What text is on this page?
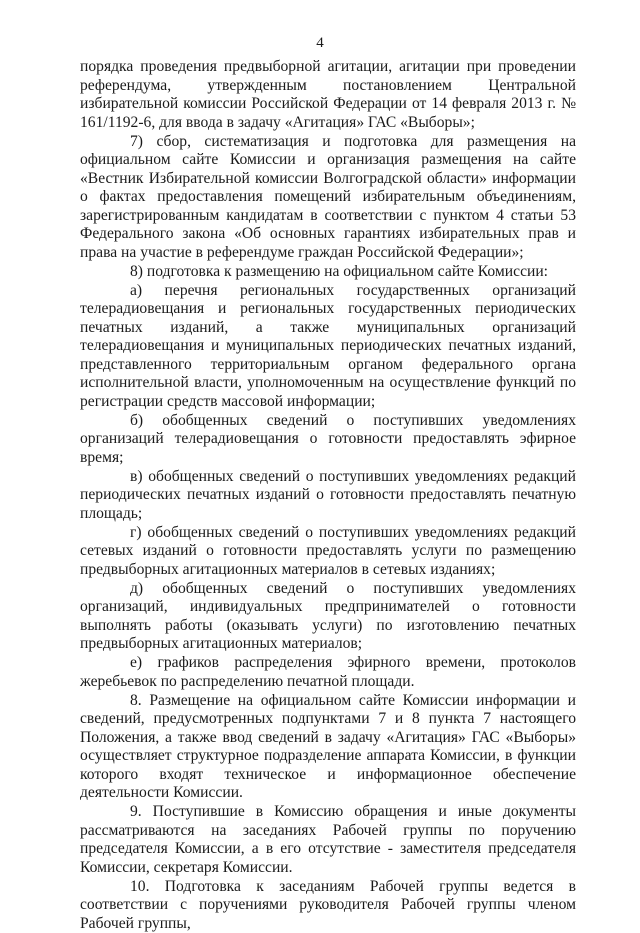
4

порядка проведения предвыборной агитации, агитации при проведении референдума, утвержденным постановлением Центральной избирательной комиссии Российской Федерации от 14 февраля 2013 г. № 161/1192-6, для ввода в задачу «Агитация» ГАС «Выборы»;

7) сбор, систематизация и подготовка для размещения на официальном сайте Комиссии и организация размещения на сайте «Вестник Избирательной комиссии Волгоградской области» информации о фактах предоставления помещений избирательным объединениям, зарегистрированным кандидатам в соответствии с пунктом 4 статьи 53 Федерального закона «Об основных гарантиях избирательных прав и права на участие в референдуме граждан Российской Федерации»;

8) подготовка к размещению на официальном сайте Комиссии:

а) перечня региональных государственных организаций телерадиовещания и региональных государственных периодических печатных изданий, а также муниципальных организаций телерадиовещания и муниципальных периодических печатных изданий, представленного территориальным органом федерального органа исполнительной власти, уполномоченным на осуществление функций по регистрации средств массовой информации;

б) обобщенных сведений о поступивших уведомлениях организаций телерадиовещания о готовности предоставлять эфирное время;

в) обобщенных сведений о поступивших уведомлениях редакций периодических печатных изданий о готовности предоставлять печатную площадь;

г) обобщенных сведений о поступивших уведомлениях редакций сетевых изданий о готовности предоставлять услуги по размещению предвыборных агитационных материалов в сетевых изданиях;

д) обобщенных сведений о поступивших уведомлениях организаций, индивидуальных предпринимателей о готовности выполнять работы (оказывать услуги) по изготовлению печатных предвыборных агитационных материалов;

е) графиков распределения эфирного времени, протоколов жеребьевок по распределению печатной площади.

8. Размещение на официальном сайте Комиссии информации и сведений, предусмотренных подпунктами 7 и 8 пункта 7 настоящего Положения, а также ввод сведений в задачу «Агитация» ГАС «Выборы» осуществляет структурное подразделение аппарата Комиссии, в функции которого входят техническое и информационное обеспечение деятельности Комиссии.

9. Поступившие в Комиссию обращения и иные документы рассматриваются на заседаниях Рабочей группы по поручению председателя Комиссии, а в его отсутствие - заместителя председателя Комиссии, секретаря Комиссии.

10. Подготовка к заседаниям Рабочей группы ведется в соответствии с поручениями руководителя Рабочей группы членом Рабочей группы,
